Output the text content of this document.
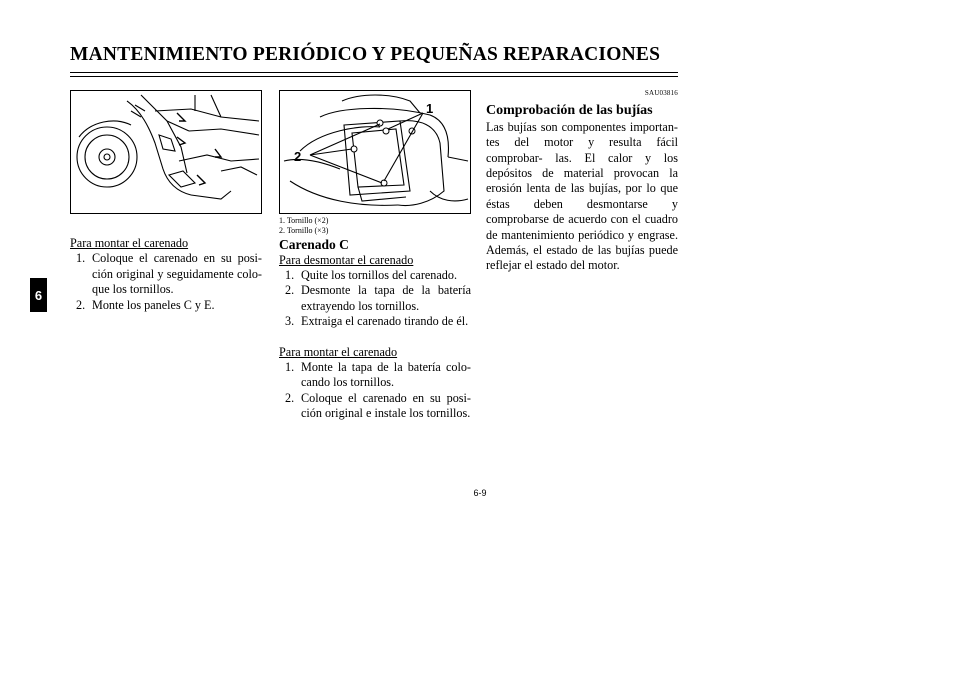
MANTENIMIENTO PERIÓDICO Y PEQUEÑAS REPARACIONES
6
1
2

Para montar el carenado

1. Coloque el carenado en su posi- ción original y seguidamente colo- que los tornillos.
2. Monte los paneles C y E.
1. Tornillo (×2)
2. Tornillo (×3)

Carenado C

Para desmontar el carenado

1. Quite los tornillos del carenado.
2. Desmonte la tapa de la batería extrayendo los tornillos.
3. Extraiga el carenado tirando de él.

Para montar el carenado

1. Monte la tapa de la batería colo- cando los tornillos.
2. Coloque el carenado en su posi- ción original e instale los tornillos.

SAU03816

Comprobación de las bujías

Las bujías son componentes importan- tes del motor y resulta fácil comprobar- las. El calor y los depósitos de material provocan la erosión lenta de las bujías, por lo que éstas deben desmontarse y comprobarse de acuerdo con el cuadro de mantenimiento periódico y engrase. Además, el estado de las bujías puede reflejar el estado del motor.

6-9
